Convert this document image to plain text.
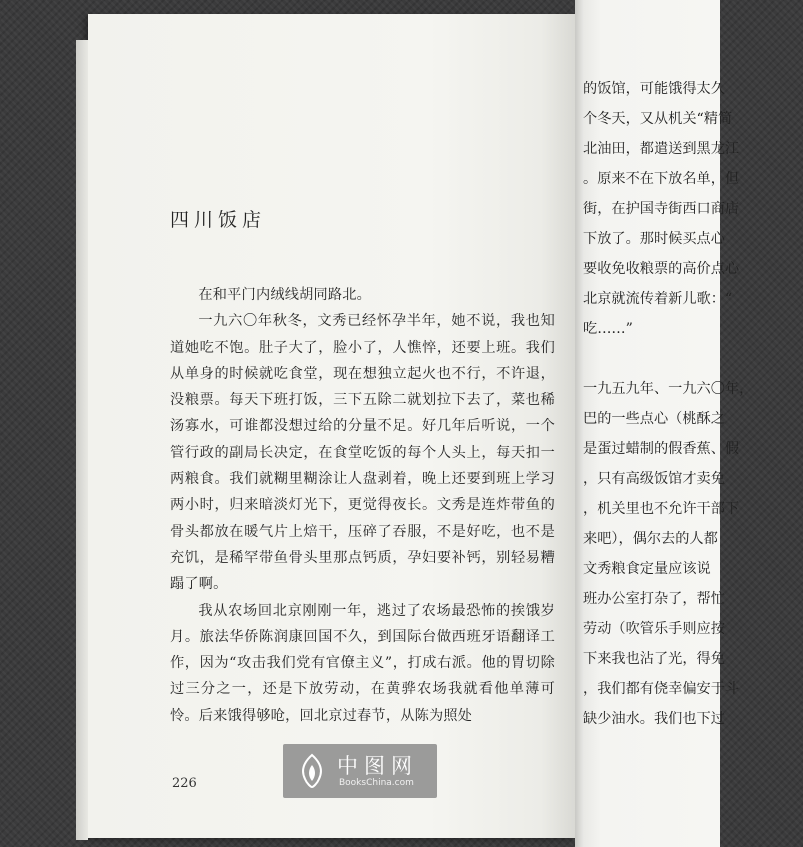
的饭馆，可能饿得太久
个冬天，又从机关“精简
北油田，都遣送到黑龙江
。原来不在下放名单，但
街，在护国寺街西口商店
下放了。那时候买点心
要收免收粮票的高价点心
北京就流传着新儿歌：“
吃……”
一九五九年、一九六〇年，
巴的一些点心（桃酥之
是蛋过蜡制的假香蕉、假
，只有高级饭馆才卖免
，机关里也不允许干部下
来吧），偶尔去的人都
文秀粮食定量应该说
班办公室打杂了，帮忙
劳动（吹管乐手则应按
下来我也沾了光，得免
，我们都有侥幸偏安于斗
缺少油水。我们也下过
四川饭店

在和平门内绒线胡同路北。

一九六〇年秋冬，文秀已经怀孕半年，她不说，我也知道她吃不饱。肚子大了，脸小了，人憔悴，还要上班。我们从单身的时候就吃食堂，现在想独立起火也不行，不许退，没粮票。每天下班打饭，三下五除二就划拉下去了，菜也稀汤寡水，可谁都没想过给的分量不足。好几年后听说，一个管行政的副局长决定，在食堂吃饭的每个人头上，每天扣一两粮食。我们就糊里糊涂让人盘剥着，晚上还要到班上学习两小时，归来暗淡灯光下，更觉得夜长。文秀是连炸带鱼的骨头都放在暖气片上焙干，压碎了吞服，不是好吃，也不是充饥，是稀罕带鱼骨头里那点钙质，孕妇要补钙，别轻易糟蹋了啊。

我从农场回北京刚刚一年，逃过了农场最恐怖的挨饿岁月。旅法华侨陈润康回国不久，到国际台做西班牙语翻译工作，因为“攻击我们党有官僚主义”，打成右派。他的胃切除过三分之一，还是下放劳动，在黄骅农场我就看他单薄可怜。后来饿得够呛，回北京过春节，从陈为照处

226
中图网
BooksChina.com
